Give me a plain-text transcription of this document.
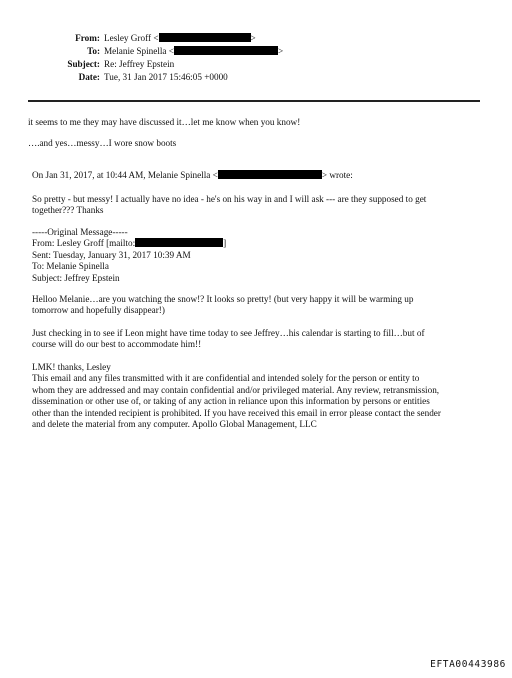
From: Lesley Groff <	>
To: Melanie Spinella <	>
Subject: Re: Jeffrey Epstein
Date: Tue, 31 Jan 2017 15:46:05 +0000
it seems to me they may have discussed it…let me know when you know!
….and yes…messy…I wore snow boots
On Jan 31, 2017, at 10:44 AM, Melanie Spinella <	> wrote:
So pretty - but messy! I actually have no idea - he's on his way in and I will ask --- are they supposed to get
together??? Thanks
-----Original Message-----
From: Lesley Groff [mailto:	]
Sent: Tuesday, January 31, 2017 10:39 AM
To: Melanie Spinella
Subject: Jeffrey Epstein
Helloo Melanie…are you watching the snow!? It looks so pretty! (but very happy it will be warming up
tomorrow and hopefully disappear!)
Just checking in to see if Leon might have time today to see Jeffrey…his calendar is starting to fill…but of
course will do our best to accommodate him!!
LMK! thanks, Lesley
This email and any files transmitted with it are confidential and intended solely for the person or entity to
whom they are addressed and may contain confidential and/or privileged material. Any review, retransmission,
dissemination or other use of, or taking of any action in reliance upon this information by persons or entities
other than the intended recipient is prohibited. If you have received this email in error please contact the sender
and delete the material from any computer. Apollo Global Management, LLC
EFTA00443986
